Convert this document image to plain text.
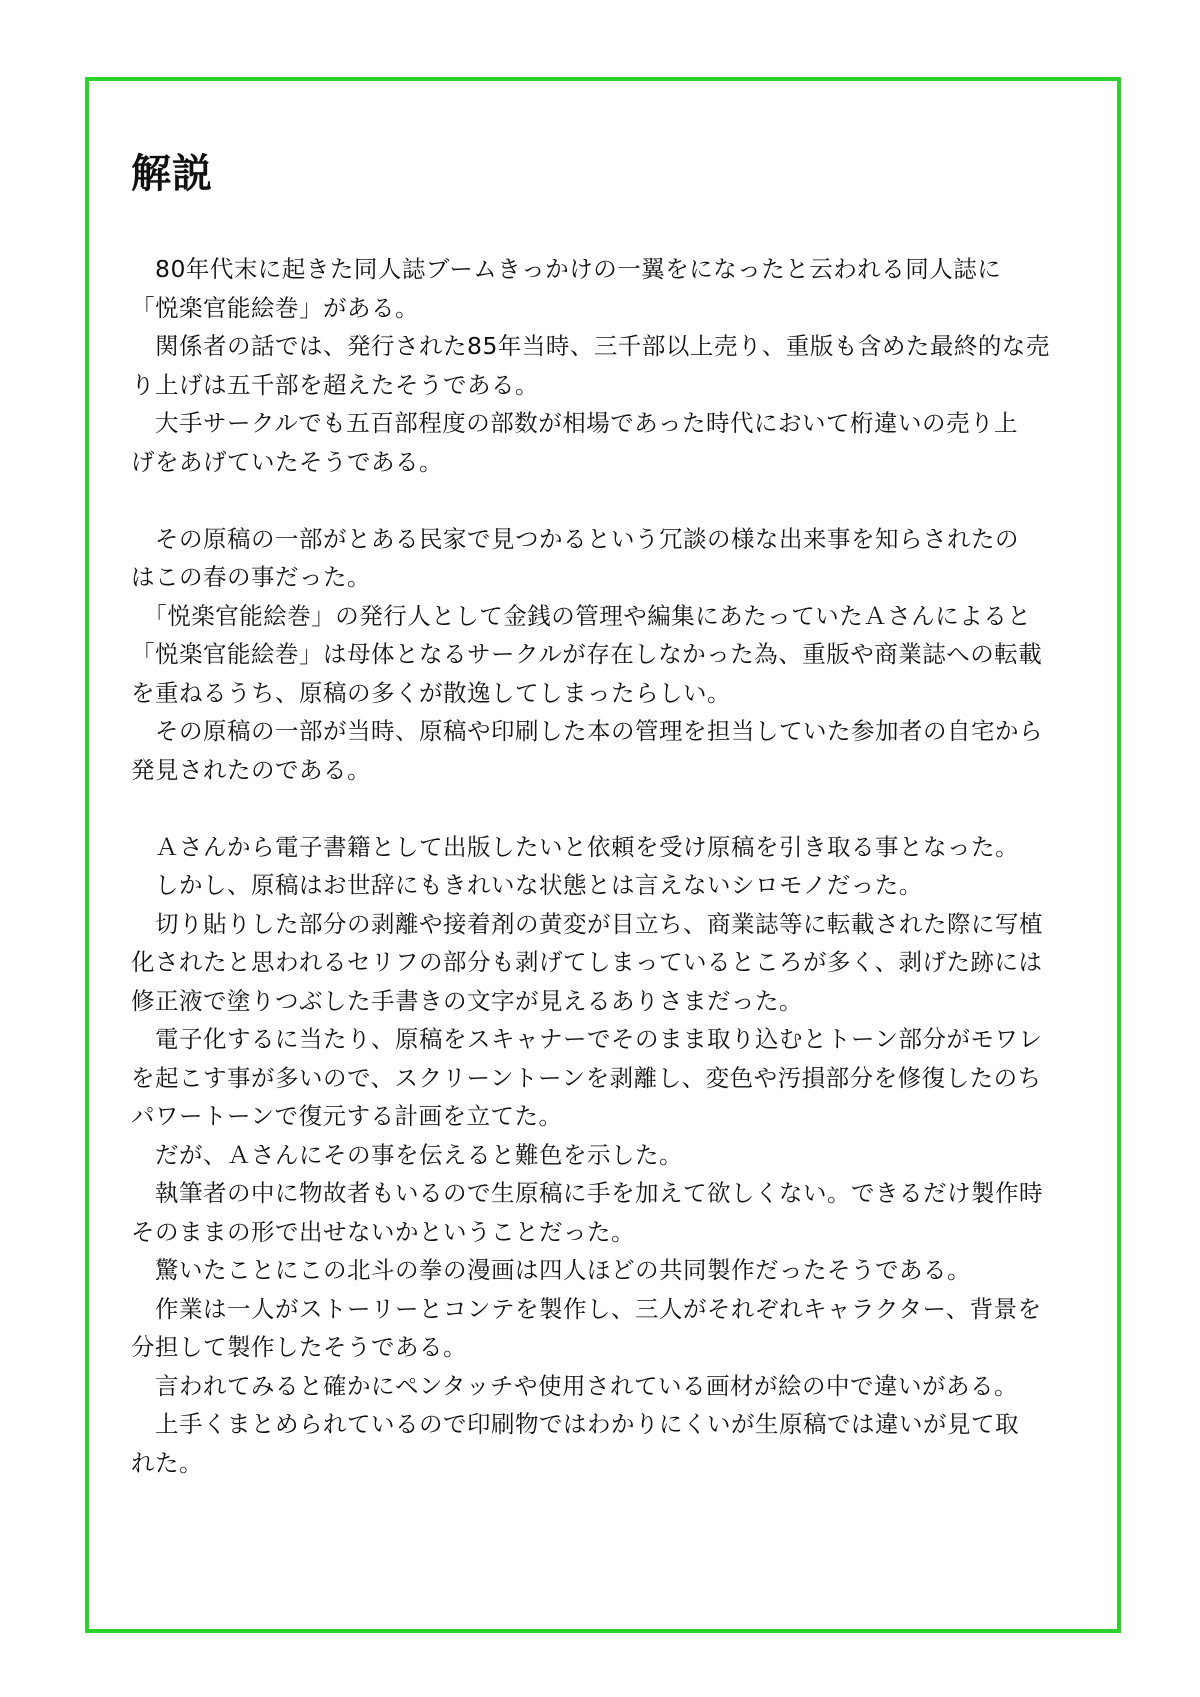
解説
　80年代末に起きた同人誌ブームきっかけの一翼をになったと云われる同人誌に
「悦楽官能絵巻」がある。
　関係者の話では、発行された85年当時、三千部以上売り、重版も含めた最終的な売
り上げは五千部を超えたそうである。
　大手サークルでも五百部程度の部数が相場であった時代において桁違いの売り上
げをあげていたそうである。
　その原稿の一部がとある民家で見つかるという冗談の様な出来事を知らされたの
はこの春の事だった。
　「悦楽官能絵巻」の発行人として金銭の管理や編集にあたっていたＡさんによると
「悦楽官能絵巻」は母体となるサークルが存在しなかった為、重版や商業誌への転載
を重ねるうち、原稿の多くが散逸してしまったらしい。
　その原稿の一部が当時、原稿や印刷した本の管理を担当していた参加者の自宅から
発見されたのである。
　Ａさんから電子書籍として出版したいと依頼を受け原稿を引き取る事となった。
　しかし、原稿はお世辞にもきれいな状態とは言えないシロモノだった。
　切り貼りした部分の剥離や接着剤の黄変が目立ち、商業誌等に転載された際に写植
化されたと思われるセリフの部分も剥げてしまっているところが多く、剥げた跡には
修正液で塗りつぶした手書きの文字が見えるありさまだった。
　電子化するに当たり、原稿をスキャナーでそのまま取り込むとトーン部分がモワレ
を起こす事が多いので、スクリーントーンを剥離し、変色や汚損部分を修復したのち
パワートーンで復元する計画を立てた。
　だが、Ａさんにその事を伝えると難色を示した。
　執筆者の中に物故者もいるので生原稿に手を加えて欲しくない。できるだけ製作時
そのままの形で出せないかということだった。
　驚いたことにこの北斗の拳の漫画は四人ほどの共同製作だったそうである。
　作業は一人がストーリーとコンテを製作し、三人がそれぞれキャラクター、背景を
分担して製作したそうである。
　言われてみると確かにペンタッチや使用されている画材が絵の中で違いがある。
　上手くまとめられているので印刷物ではわかりにくいが生原稿では違いが見て取
れた。
